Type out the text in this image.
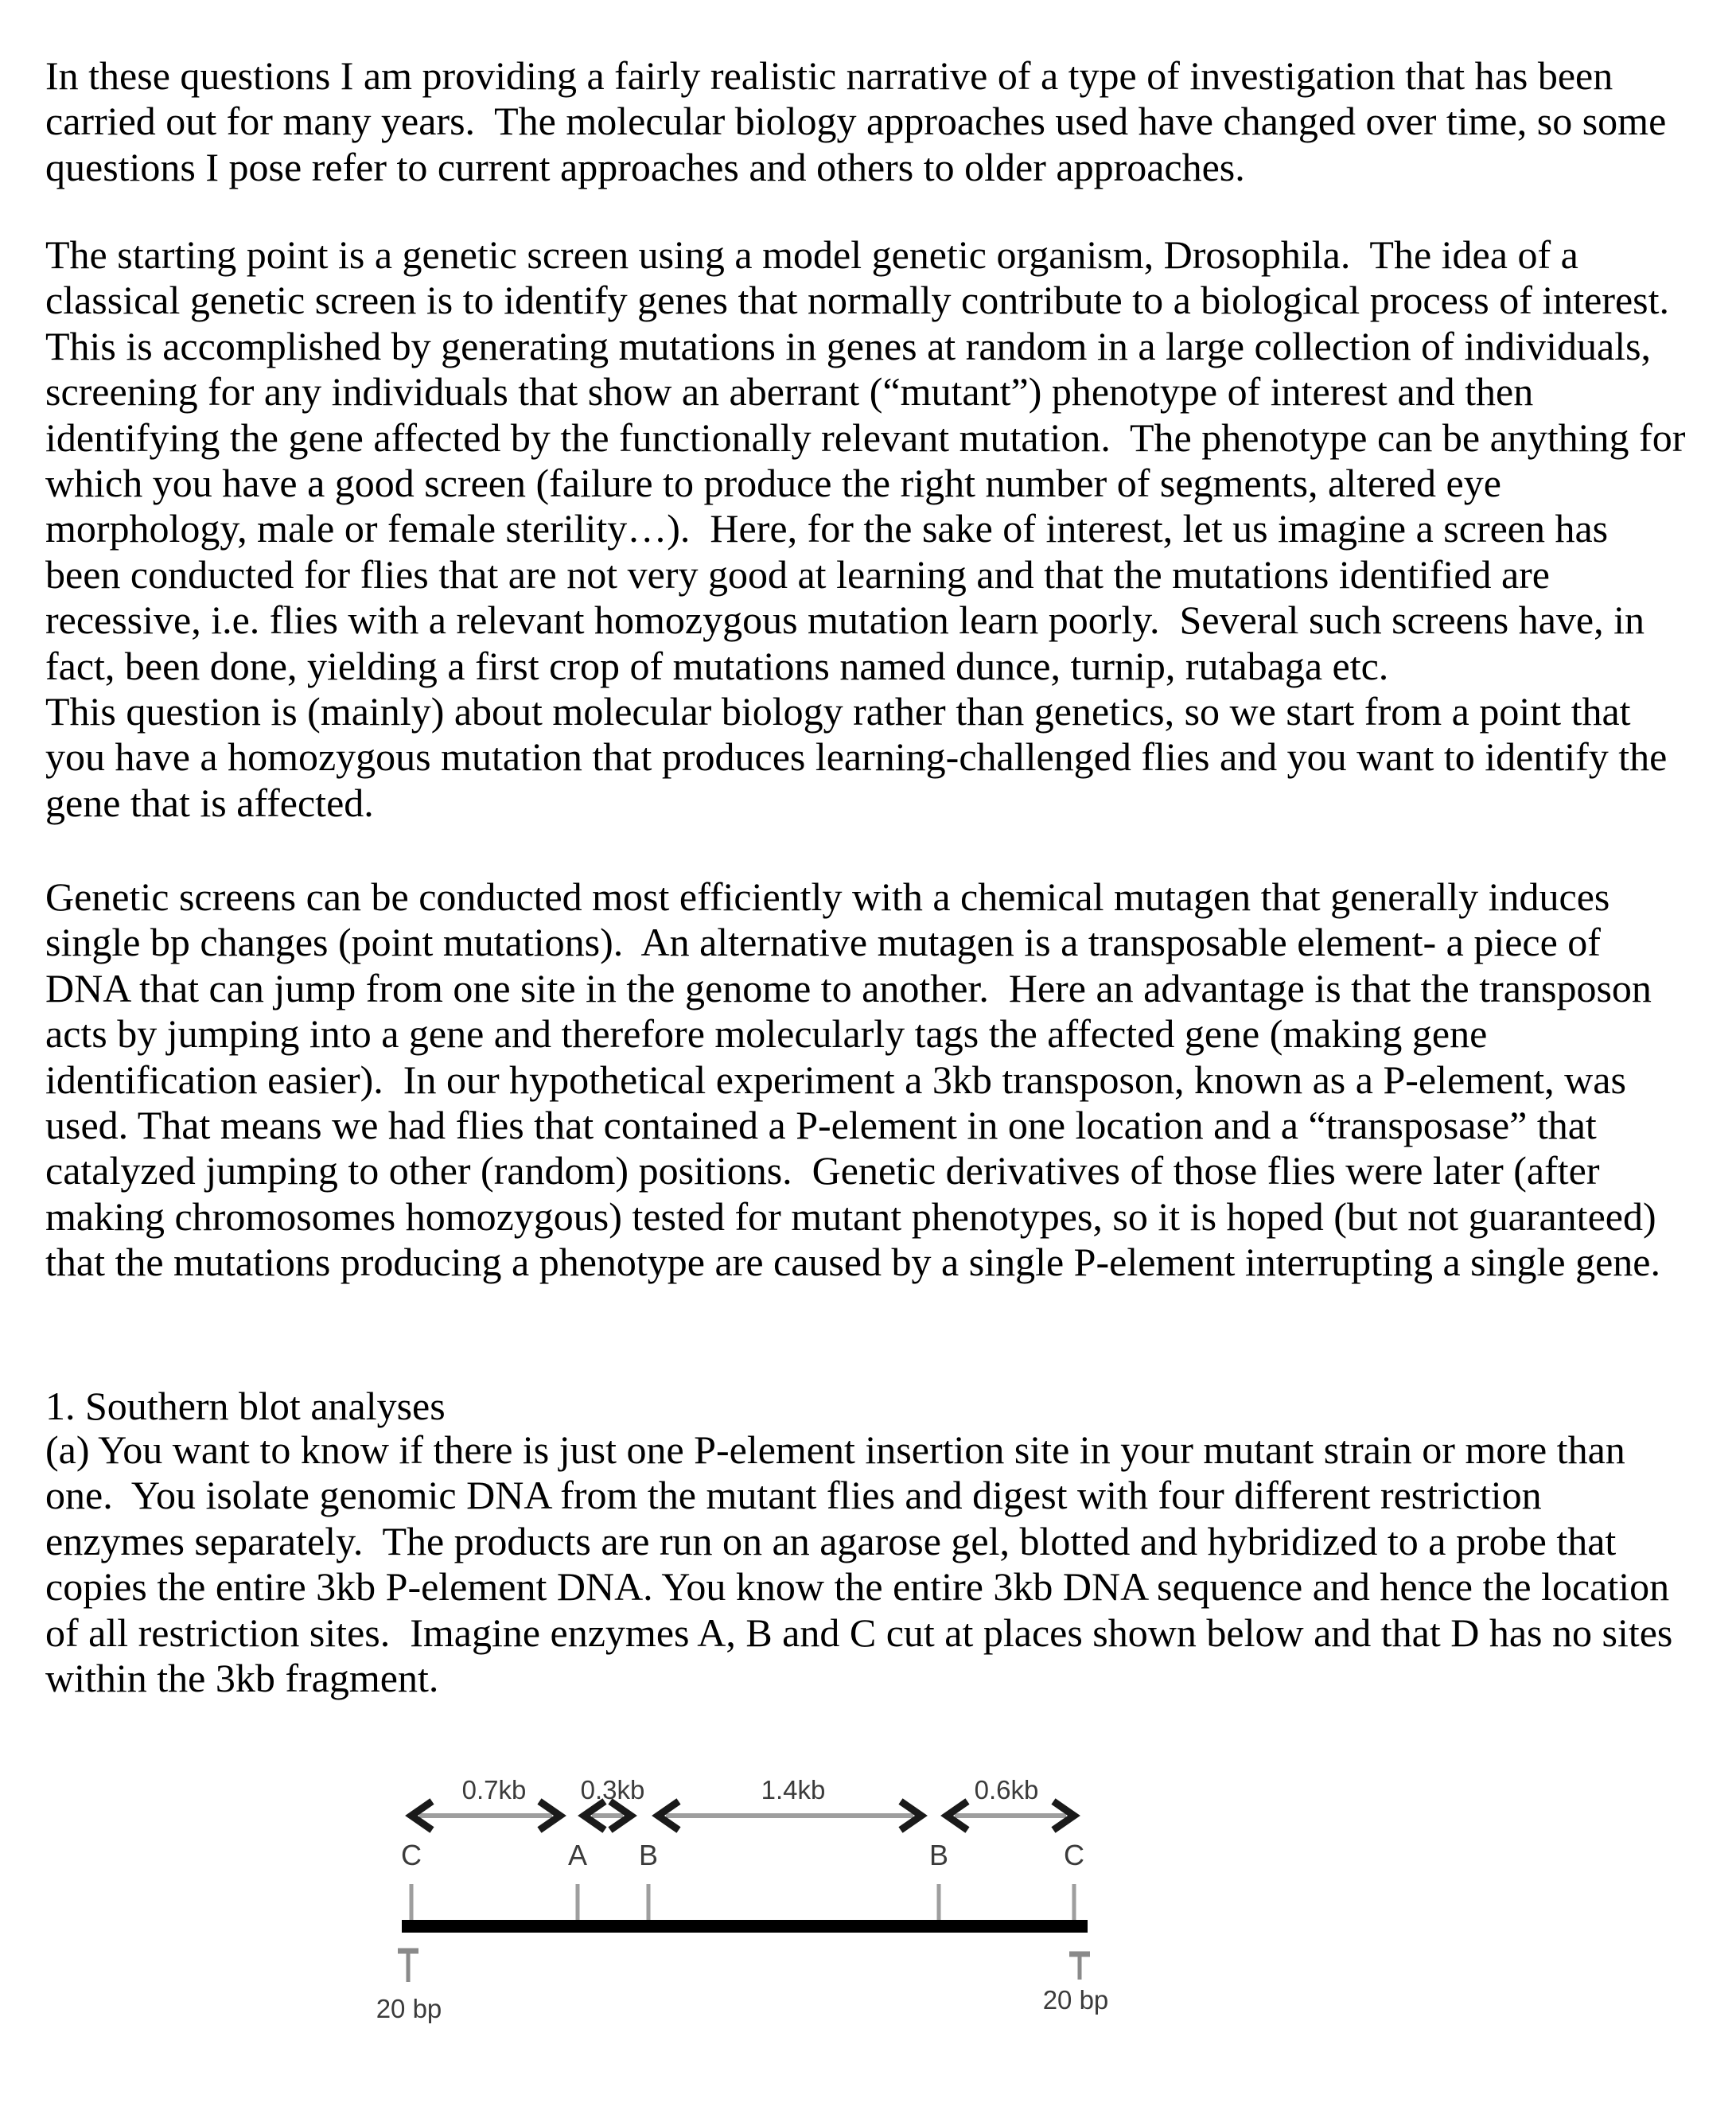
In these questions I am providing a fairly realistic narrative of a type of investigation that has been
carried out for many years.  The molecular biology approaches used have changed over time, so some
questions I pose refer to current approaches and others to older approaches.
The starting point is a genetic screen using a model genetic organism, Drosophila.  The idea of a
classical genetic screen is to identify genes that normally contribute to a biological process of interest.
This is accomplished by generating mutations in genes at random in a large collection of individuals,
screening for any individuals that show an aberrant (“mutant”) phenotype of interest and then
identifying the gene affected by the functionally relevant mutation.  The phenotype can be anything for
which you have a good screen (failure to produce the right number of segments, altered eye
morphology, male or female sterility…).  Here, for the sake of interest, let us imagine a screen has
been conducted for flies that are not very good at learning and that the mutations identified are
recessive, i.e. flies with a relevant homozygous mutation learn poorly.  Several such screens have, in
fact, been done, yielding a first crop of mutations named dunce, turnip, rutabaga etc.
This question is (mainly) about molecular biology rather than genetics, so we start from a point that
you have a homozygous mutation that produces learning-challenged flies and you want to identify the
gene that is affected.
Genetic screens can be conducted most efficiently with a chemical mutagen that generally induces
single bp changes (point mutations).  An alternative mutagen is a transposable element- a piece of
DNA that can jump from one site in the genome to another.  Here an advantage is that the transposon
acts by jumping into a gene and therefore molecularly tags the affected gene (making gene
identification easier).  In our hypothetical experiment a 3kb transposon, known as a P-element, was
used. That means we had flies that contained a P-element in one location and a “transposase” that
catalyzed jumping to other (random) positions.  Genetic derivatives of those flies were later (after
making chromosomes homozygous) tested for mutant phenotypes, so it is hoped (but not guaranteed)
that the mutations producing a phenotype are caused by a single P-element interrupting a single gene.
1. Southern blot analyses
(a) You want to know if there is just one P-element insertion site in your mutant strain or more than
one.  You isolate genomic DNA from the mutant flies and digest with four different restriction
enzymes separately.  The products are run on an agarose gel, blotted and hybridized to a probe that
copies the entire 3kb P-element DNA. You know the entire 3kb DNA sequence and hence the location
of all restriction sites.  Imagine enzymes A, B and C cut at places shown below and that D has no sites
within the 3kb fragment.
0.7kb 0.3kb	1.4kb	0.6kb
C	A B	B	C
20 bp	20 bp
